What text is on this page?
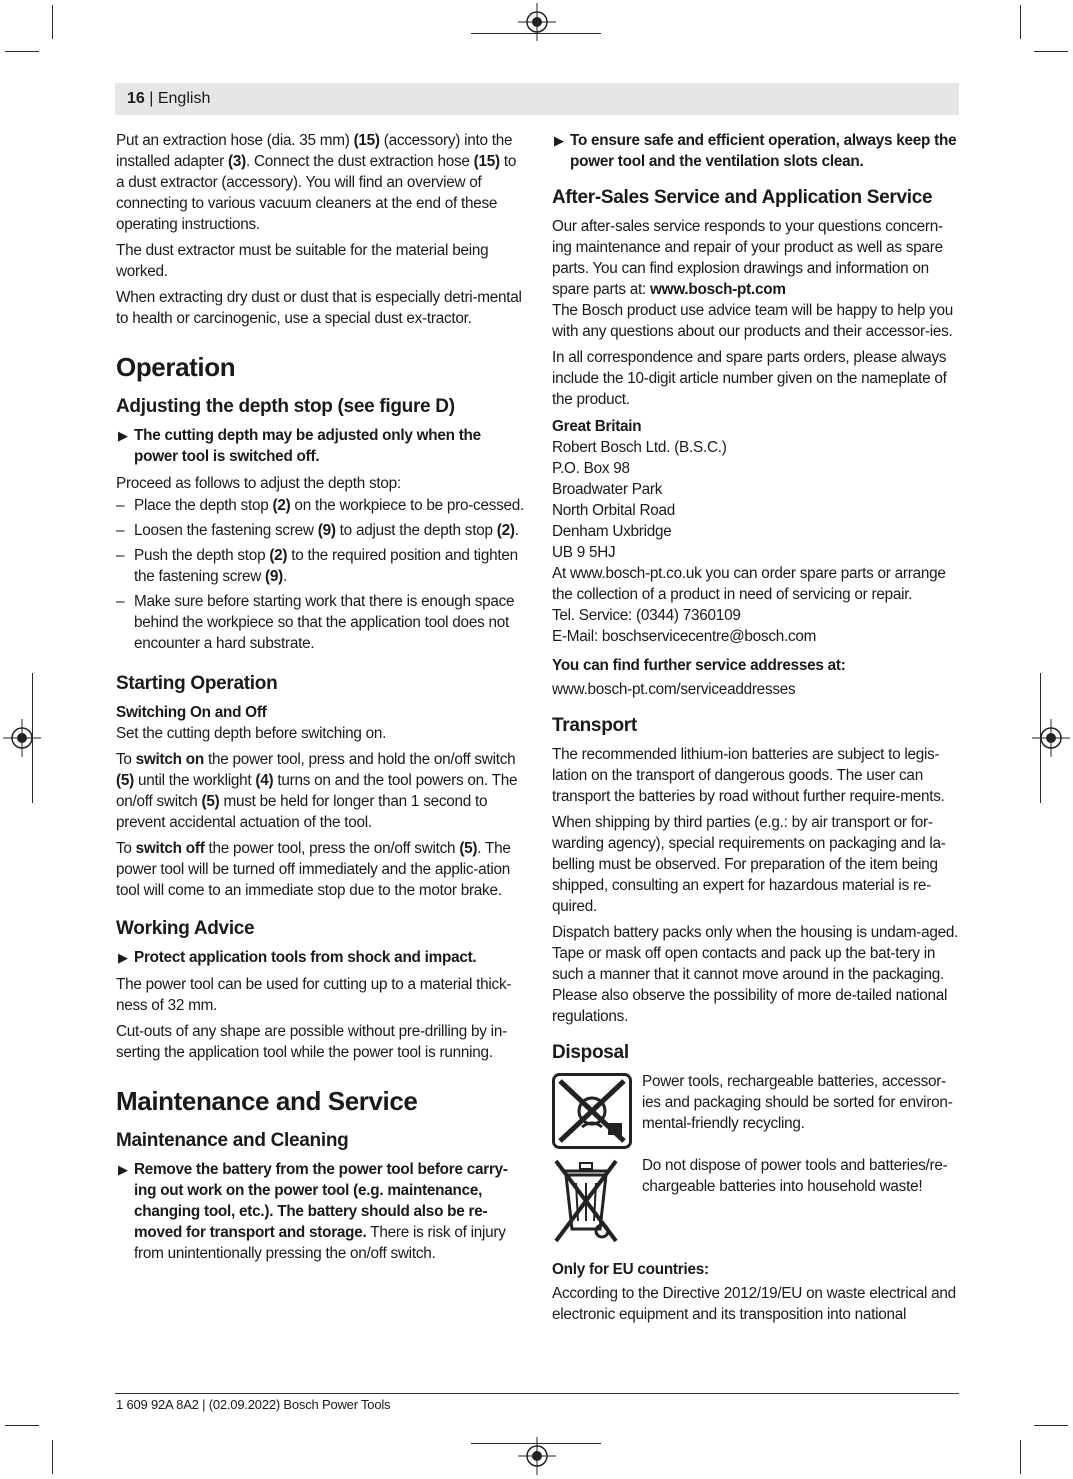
16 | English

Put an extraction hose (dia. 35 mm) (15) (accessory) into the installed adapter (3). Connect the dust extraction hose (15) to a dust extractor (accessory). You will find an overview of connecting to various vacuum cleaners at the end of these operating instructions.

The dust extractor must be suitable for the material being worked.

When extracting dry dust or dust that is especially detri-mental to health or carcinogenic, use a special dust ex-tractor.

Operation
Adjusting the depth stop (see figure D)
▶ The cutting depth may be adjusted only when the power tool is switched off.

Proceed as follows to adjust the depth stop:

– Place the depth stop (2) on the workpiece to be pro-cessed.
– Loosen the fastening screw (9) to adjust the depth stop (2).
– Push the depth stop (2) to the required position and tighten the fastening screw (9).
– Make sure before starting work that there is enough space behind the workpiece so that the application tool does not encounter a hard substrate.
Starting Operation
Switching On and Off

Set the cutting depth before switching on.

To switch on the power tool, press and hold the on/off switch (5) until the worklight (4) turns on and the tool powers on. The on/off switch (5) must be held for longer than 1 second to prevent accidental actuation of the tool.

To switch off the power tool, press the on/off switch (5). The power tool will be turned off immediately and the applic-ation tool will come to an immediate stop due to the motor brake.

Working Advice
▶ Protect application tools from shock and impact.

The power tool can be used for cutting up to a material thick-ness of 32 mm.

Cut-outs of any shape are possible without pre-drilling by in-serting the application tool while the power tool is running.

Maintenance and Service
Maintenance and Cleaning
▶ Remove the battery from the power tool before carry-ing out work on the power tool (e.g. maintenance, changing tool, etc.). The battery should also be re-moved for transport and storage. There is risk of injury from unintentionally pressing the on/off switch.
▶ To ensure safe and efficient operation, always keep the power tool and the ventilation slots clean.
After-Sales Service and Application Service
Our after-sales service responds to your questions concern-ing maintenance and repair of your product as well as spare parts. You can find explosion drawings and information on spare parts at: www.bosch-pt.com

The Bosch product use advice team will be happy to help you with any questions about our products and their accessor-ies.

In all correspondence and spare parts orders, please always include the 10-digit article number given on the nameplate of the product.

Great Britain
Robert Bosch Ltd. (B.S.C.)
P.O. Box 98
Broadwater Park
North Orbital Road
Denham Uxbridge
UB 9 5HJ
At www.bosch-pt.co.uk you can order spare parts or arrange the collection of a product in need of servicing or repair.
Tel. Service: (0344) 7360109

E-Mail: boschservicecentre@bosch.com

You can find further service addresses at:

www.bosch-pt.com/serviceaddresses

Transport

The recommended lithium-ion batteries are subject to legis-lation on the transport of dangerous goods. The user can transport the batteries by road without further require-ments.

When shipping by third parties (e.g.: by air transport or for-warding agency), special requirements on packaging and la-belling must be observed. For preparation of the item being shipped, consulting an expert for hazardous material is re-quired.

Dispatch battery packs only when the housing is undam-aged. Tape or mask off open contacts and pack up the bat-tery in such a manner that it cannot move around in the packaging. Please also observe the possibility of more de-tailed national regulations.

Disposal
Power tools, rechargeable batteries, accessor-ies and packaging should be sorted for environ-mental-friendly recycling.
Do not dispose of power tools and batteries/re-chargeable batteries into household waste!
Only for EU countries:

According to the Directive 2012/19/EU on waste electrical and electronic equipment and its transposition into national

1 609 92A 8A2 | (02.09.2022) Bosch Power Tools
